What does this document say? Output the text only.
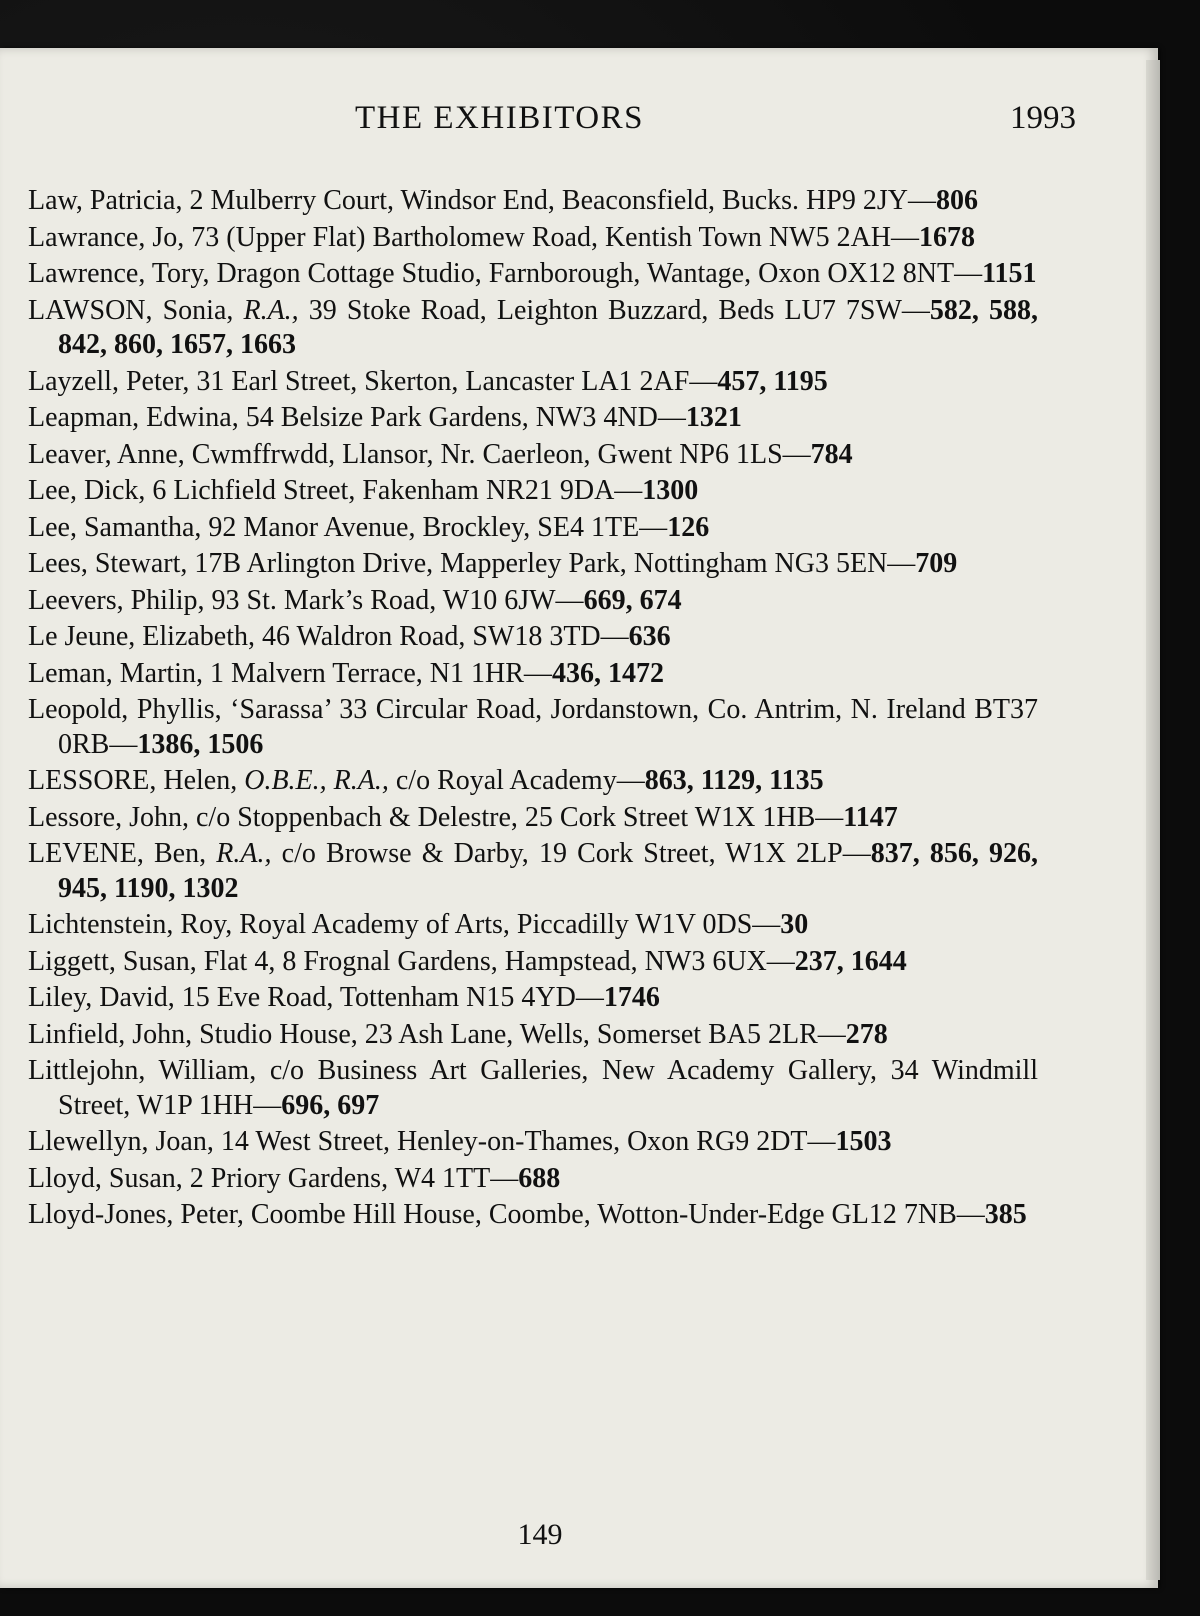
THE EXHIBITORS	1993

Law, Patricia, 2 Mulberry Court, Windsor End, Beaconsfield, Bucks. HP9 2JY—806

Lawrance, Jo, 73 (Upper Flat) Bartholomew Road, Kentish Town NW5 2AH—1678

Lawrence, Tory, Dragon Cottage Studio, Farnborough, Wantage, Oxon OX12 8NT—1151

LAWSON, Sonia, R.A., 39 Stoke Road, Leighton Buzzard, Beds LU7 7SW—582, 588, 842, 860, 1657, 1663

Layzell, Peter, 31 Earl Street, Skerton, Lancaster LA1 2AF—457, 1195

Leapman, Edwina, 54 Belsize Park Gardens, NW3 4ND—1321

Leaver, Anne, Cwmffrwdd, Llansor, Nr. Caerleon, Gwent NP6 1LS—784

Lee, Dick, 6 Lichfield Street, Fakenham NR21 9DA—1300

Lee, Samantha, 92 Manor Avenue, Brockley, SE4 1TE—126

Lees, Stewart, 17B Arlington Drive, Mapperley Park, Nottingham NG3 5EN—709

Leevers, Philip, 93 St. Mark’s Road, W10 6JW—669, 674

Le Jeune, Elizabeth, 46 Waldron Road, SW18 3TD—636

Leman, Martin, 1 Malvern Terrace, N1 1HR—436, 1472

Leopold, Phyllis, ‘Sarassa’ 33 Circular Road, Jordanstown, Co. Antrim, N. Ireland BT37 0RB—1386, 1506

LESSORE, Helen, O.B.E., R.A., c/o Royal Academy—863, 1129, 1135

Lessore, John, c/o Stoppenbach & Delestre, 25 Cork Street W1X 1HB—1147

LEVENE, Ben, R.A., c/o Browse & Darby, 19 Cork Street, W1X 2LP—837, 856, 926, 945, 1190, 1302

Lichtenstein, Roy, Royal Academy of Arts, Piccadilly W1V 0DS—30

Liggett, Susan, Flat 4, 8 Frognal Gardens, Hampstead, NW3 6UX—237, 1644

Liley, David, 15 Eve Road, Tottenham N15 4YD—1746

Linfield, John, Studio House, 23 Ash Lane, Wells, Somerset BA5 2LR—278

Littlejohn, William, c/o Business Art Galleries, New Academy Gallery, 34 Windmill Street, W1P 1HH—696, 697

Llewellyn, Joan, 14 West Street, Henley-on-Thames, Oxon RG9 2DT—1503

Lloyd, Susan, 2 Priory Gardens, W4 1TT—688

Lloyd-Jones, Peter, Coombe Hill House, Coombe, Wotton-Under-Edge GL12 7NB—385

149
